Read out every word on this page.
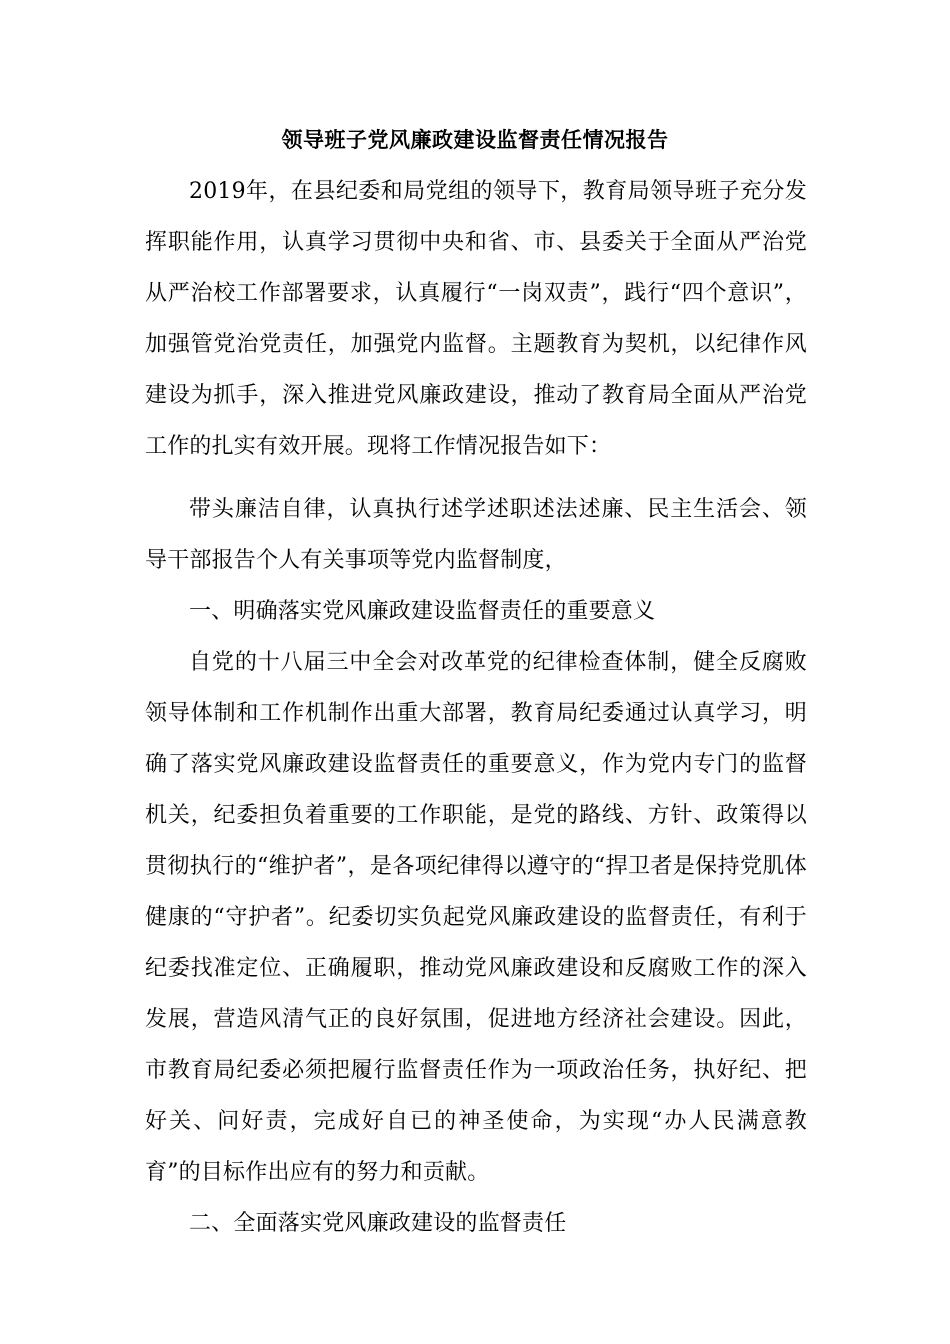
领导班子党风廉政建设监督责任情况报告

2019年，在县纪委和局党组的领导下，教育局领导班子充分发挥职能作用，认真学习贯彻中央和省、市、县委关于全面从严治党从严治校工作部署要求，认真履行“一岗双责”，践行“四个意识”，加强管党治党责任，加强党内监督。主题教育为契机，以纪律作风建设为抓手，深入推进党风廉政建设，推动了教育局全面从严治党工作的扎实有效开展。现将工作情况报告如下：

带头廉洁自律，认真执行述学述职述法述廉、民主生活会、领导干部报告个人有关事项等党内监督制度，

一、明确落实党风廉政建设监督责任的重要意义

自党的十八届三中全会对改革党的纪律检查体制，健全反腐败领导体制和工作机制作出重大部署，教育局纪委通过认真学习，明确了落实党风廉政建设监督责任的重要意义，作为党内专门的监督机关，纪委担负着重要的工作职能，是党的路线、方针、政策得以贯彻执行的“维护者”，是各项纪律得以遵守的“捍卫者是保持党肌体健康的“守护者”。纪委切实负起党风廉政建设的监督责任，有利于纪委找准定位、正确履职，推动党风廉政建设和反腐败工作的深入发展，营造风清气正的良好氛围，促进地方经济社会建设。因此，市教育局纪委必须把履行监督责任作为一项政治任务，执好纪、把好关、问好责，完成好自已的神圣使命，为实现“办人民满意教育”的目标作出应有的努力和贡献。

二、全面落实党风廉政建设的监督责任
